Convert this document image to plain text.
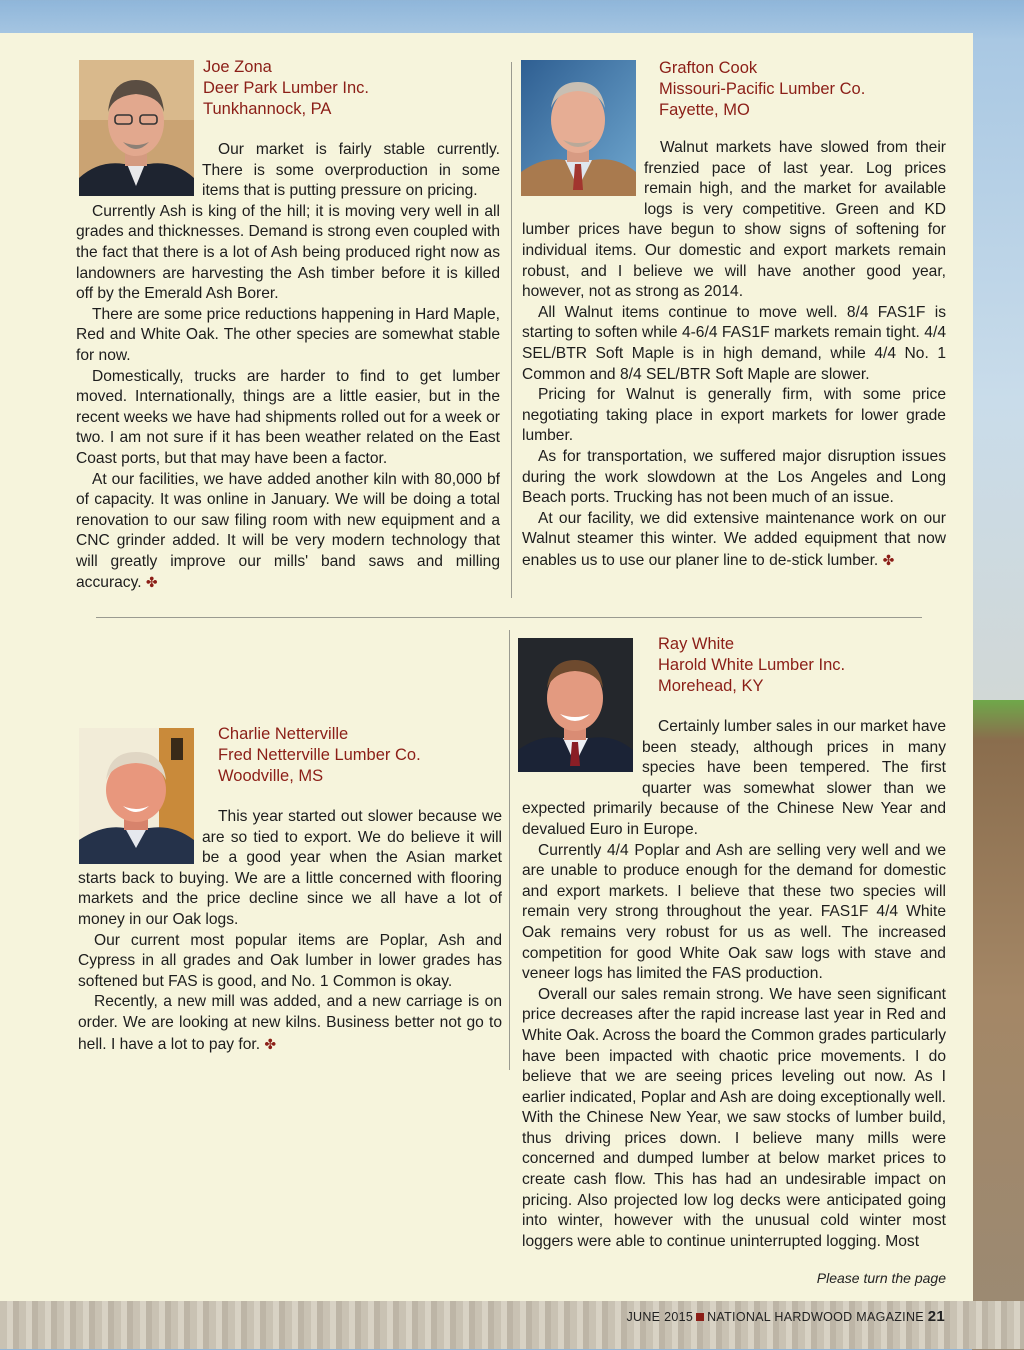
Joe Zona
Deer Park Lumber Inc.
Tunkhannock, PA

Our market is fairly stable currently. There is some overproduction in some items that is putting pressure on pricing.

Currently Ash is king of the hill; it is moving very well in all grades and thicknesses. Demand is strong even coupled with the fact that there is a lot of Ash being produced right now as landowners are harvesting the Ash timber before it is killed off by the Emerald Ash Borer.

There are some price reductions happening in Hard Maple, Red and White Oak. The other species are somewhat stable for now.

Domestically, trucks are harder to find to get lumber moved. Internationally, things are a little easier, but in the recent weeks we have had shipments rolled out for a week or two. I am not sure if it has been weather related on the East Coast ports, but that may have been a factor.

At our facilities, we have added another kiln with 80,000 bf of capacity. It was online in January. We will be doing a total renovation to our saw filing room with new equipment and a CNC grinder added. It will be very modern technology that will greatly improve our mills' band saws and milling accuracy. ✤

Grafton Cook
Missouri-Pacific Lumber Co.
Fayette, MO

Walnut markets have slowed from their frenzied pace of last year. Log prices remain high, and the market for available logs is very competitive. Green and KD lumber prices have begun to show signs of softening for individual items. Our domestic and export markets remain robust, and I believe we will have another good year, however, not as strong as 2014.

All Walnut items continue to move well. 8/4 FAS1F is starting to soften while 4-6/4 FAS1F markets remain tight. 4/4 SEL/BTR Soft Maple is in high demand, while 4/4 No. 1 Common and 8/4 SEL/BTR Soft Maple are slower.

Pricing for Walnut is generally firm, with some price negotiating taking place in export markets for lower grade lumber.

As for transportation, we suffered major disruption issues during the work slowdown at the Los Angeles and Long Beach ports. Trucking has not been much of an issue.

At our facility, we did extensive maintenance work on our Walnut steamer this winter. We added equipment that now enables us to use our planer line to de-stick lumber. ✤

Charlie Netterville
Fred Netterville Lumber Co.
Woodville, MS

This year started out slower because we are so tied to export. We do believe it will be a good year when the Asian market starts back to buying. We are a little concerned with flooring markets and the price decline since we all have a lot of money in our Oak logs.

Our current most popular items are Poplar, Ash and Cypress in all grades and Oak lumber in lower grades has softened but FAS is good, and No. 1 Common is okay.

Recently, a new mill was added, and a new carriage is on order. We are looking at new kilns. Business better not go to hell. I have a lot to pay for. ✤

Ray White
Harold White Lumber Inc.
Morehead, KY

Certainly lumber sales in our market have been steady, although prices in many species have been tempered. The first quarter was somewhat slower than we expected primarily because of the Chinese New Year and devalued Euro in Europe.

Currently 4/4 Poplar and Ash are selling very well and we are unable to produce enough for the demand for domestic and export markets. I believe that these two species will remain very strong throughout the year. FAS1F 4/4 White Oak remains very robust for us as well. The increased competition for good White Oak saw logs with stave and veneer logs has limited the FAS production.

Overall our sales remain strong. We have seen significant price decreases after the rapid increase last year in Red and White Oak. Across the board the Common grades particularly have been impacted with chaotic price movements. I do believe that we are seeing prices leveling out now. As I earlier indicated, Poplar and Ash are doing exceptionally well. With the Chinese New Year, we saw stocks of lumber build, thus driving prices down. I believe many mills were concerned and dumped lumber at below market prices to create cash flow. This has had an undesirable impact on pricing. Also projected low log decks were anticipated going into winter, however with the unusual cold winter most loggers were able to continue uninterrupted logging. Most

Please turn the page
JUNE 2015 NATIONAL HARDWOOD MAGAZINE 21
